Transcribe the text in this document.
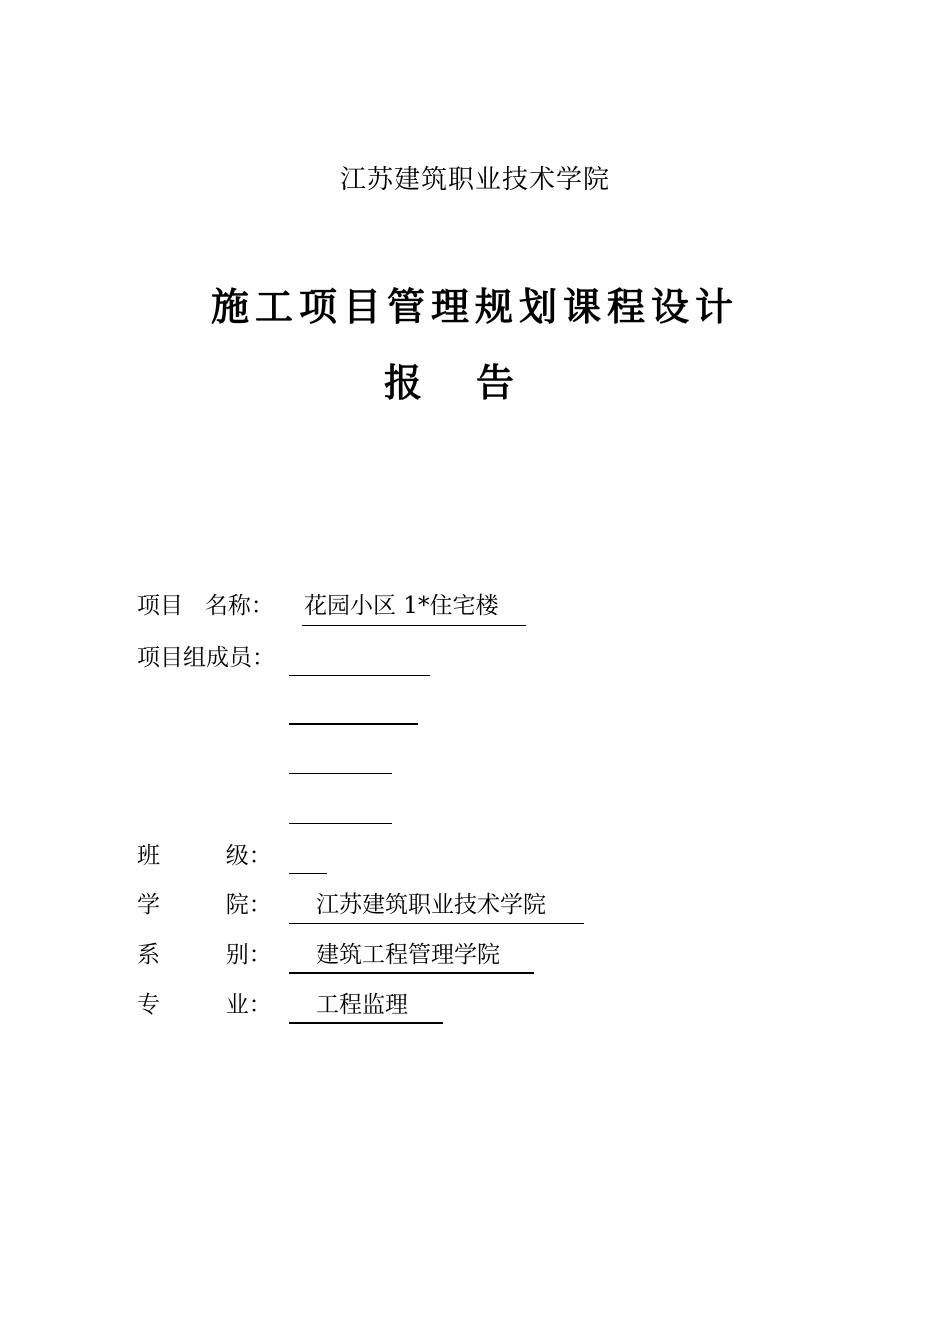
江苏建筑职业技术学院
施工项目管理规划课程设计
报 告
项目   名称： 花园小区 1*住宅楼
项目组成员：
班         级：
学         院： 江苏建筑职业技术学院
系         别： 建筑工程管理学院
专         业： 工程监理
